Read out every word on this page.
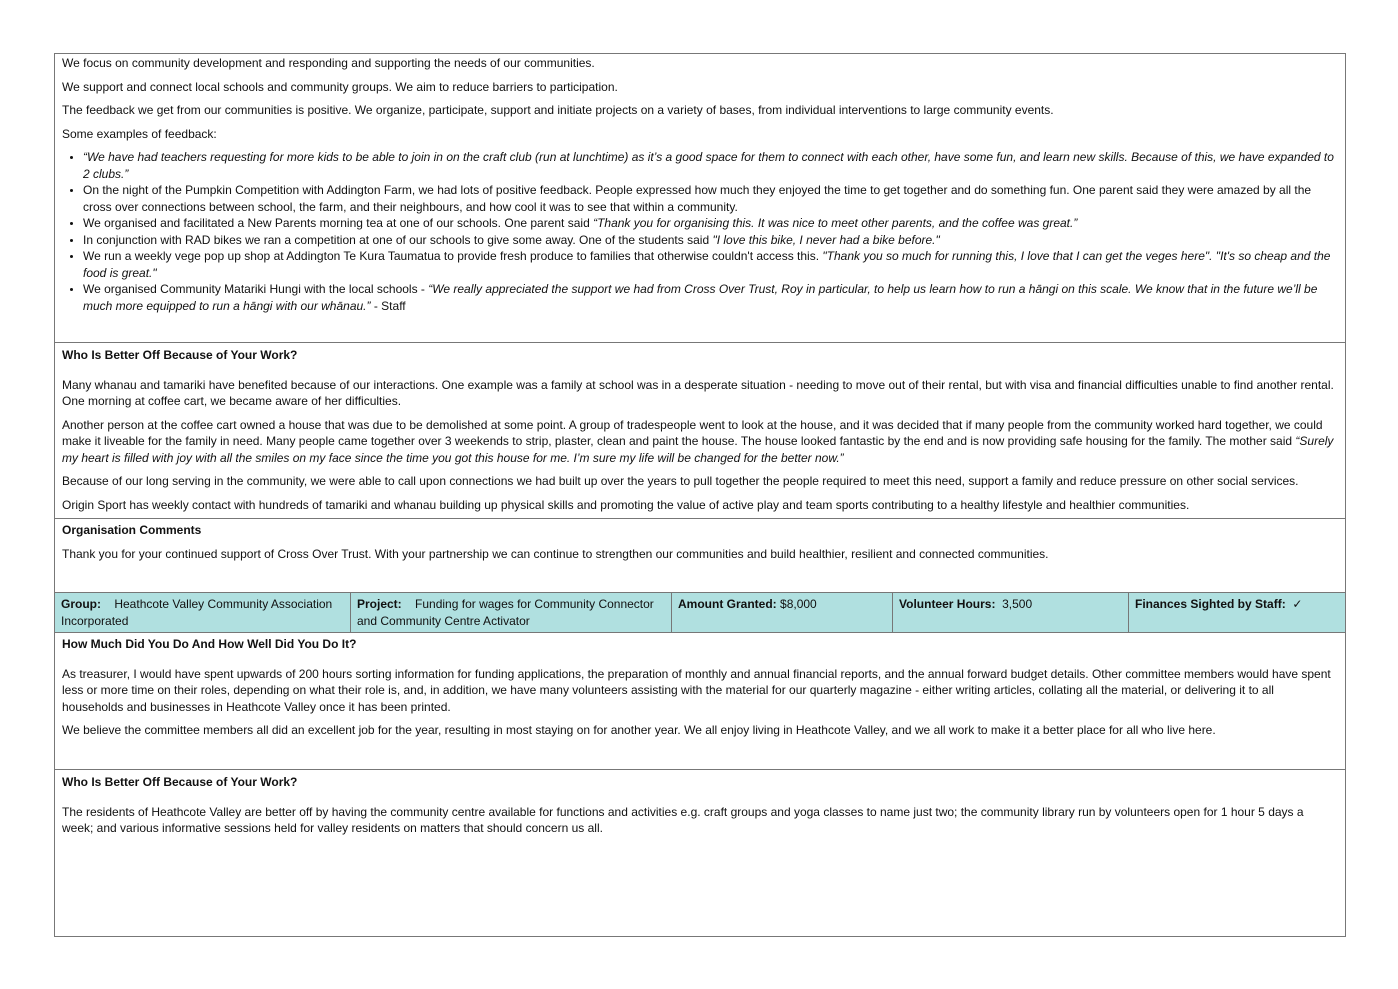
We focus on community development and responding and supporting the needs of our communities.

We support and connect local schools and community groups. We aim to reduce barriers to participation.

The feedback we get from our communities is positive. We organize, participate, support and initiate projects on a variety of bases, from individual interventions to large community events.

Some examples of feedback:

• “We have had teachers requesting for more kids to be able to join in on the craft club (run at lunchtime) as it’s a good space for them to connect with each other, have some fun, and learn new skills. Because of this, we have expanded to 2 clubs.”
• On the night of the Pumpkin Competition with Addington Farm, we had lots of positive feedback. People expressed how much they enjoyed the time to get together and do something fun. One parent said they were amazed by all the cross over connections between school, the farm, and their neighbours, and how cool it was to see that within a community.
• We organised and facilitated a New Parents morning tea at one of our schools. One parent said “Thank you for organising this. It was nice to meet other parents, and the coffee was great.”
• In conjunction with RAD bikes we ran a competition at one of our schools to give some away. One of the students said "I love this bike, I never had a bike before."
• We run a weekly vege pop up shop at Addington Te Kura Taumatua to provide fresh produce to families that otherwise couldn't access this. "Thank you so much for running this, I love that I can get the veges here". "It's so cheap and the food is great."
• We organised Community Matariki Hungi with the local schools - “We really appreciated the support we had from Cross Over Trust, Roy in particular, to help us learn how to run a hāngi on this scale. We know that in the future we’ll be much more equipped to run a hāngi with our whānau.” - Staff

Who Is Better Off Because of Your Work?

Many whanau and tamariki have benefited because of our interactions. One example was a family at school was in a desperate situation - needing to move out of their rental, but with visa and financial difficulties unable to find another rental. One morning at coffee cart, we became aware of her difficulties.

Another person at the coffee cart owned a house that was due to be demolished at some point. A group of tradespeople went to look at the house, and it was decided that if many people from the community worked hard together, we could make it liveable for the family in need. Many people came together over 3 weekends to strip, plaster, clean and paint the house. The house looked fantastic by the end and is now providing safe housing for the family. The mother said “Surely my heart is filled with joy with all the smiles on my face since the time you got this house for me. I’m sure my life will be changed for the better now.”

Because of our long serving in the community, we were able to call upon connections we had built up over the years to pull together the people required to meet this need, support a family and reduce pressure on other social services.

Origin Sport has weekly contact with hundreds of tamariki and whanau building up physical skills and promoting the value of active play and team sports contributing to a healthy lifestyle and healthier communities.

Organisation Comments

Thank you for your continued support of Cross Over Trust. With your partnership we can continue to strengthen our communities and build healthier, resilient and connected communities.

Group: Heathcote Valley Community Association Incorporated
Project: Funding for wages for Community Connector and Community Centre Activator
Amount Granted: $8,000	Volunteer Hours: 3,500	Finances Sighted by Staff: ✓

How Much Did You Do And How Well Did You Do It?

As treasurer, I would have spent upwards of 200 hours sorting information for funding applications, the preparation of monthly and annual financial reports, and the annual forward budget details. Other committee members would have spent less or more time on their roles, depending on what their role is, and, in addition, we have many volunteers assisting with the material for our quarterly magazine - either writing articles, collating all the material, or delivering it to all households and businesses in Heathcote Valley once it has been printed.

We believe the committee members all did an excellent job for the year, resulting in most staying on for another year. We all enjoy living in Heathcote Valley, and we all work to make it a better place for all who live here.

Who Is Better Off Because of Your Work?

The residents of Heathcote Valley are better off by having the community centre available for functions and activities e.g. craft groups and yoga classes to name just two; the community library run by volunteers open for 1 hour 5 days a week; and various informative sessions held for valley residents on matters that should concern us all.
